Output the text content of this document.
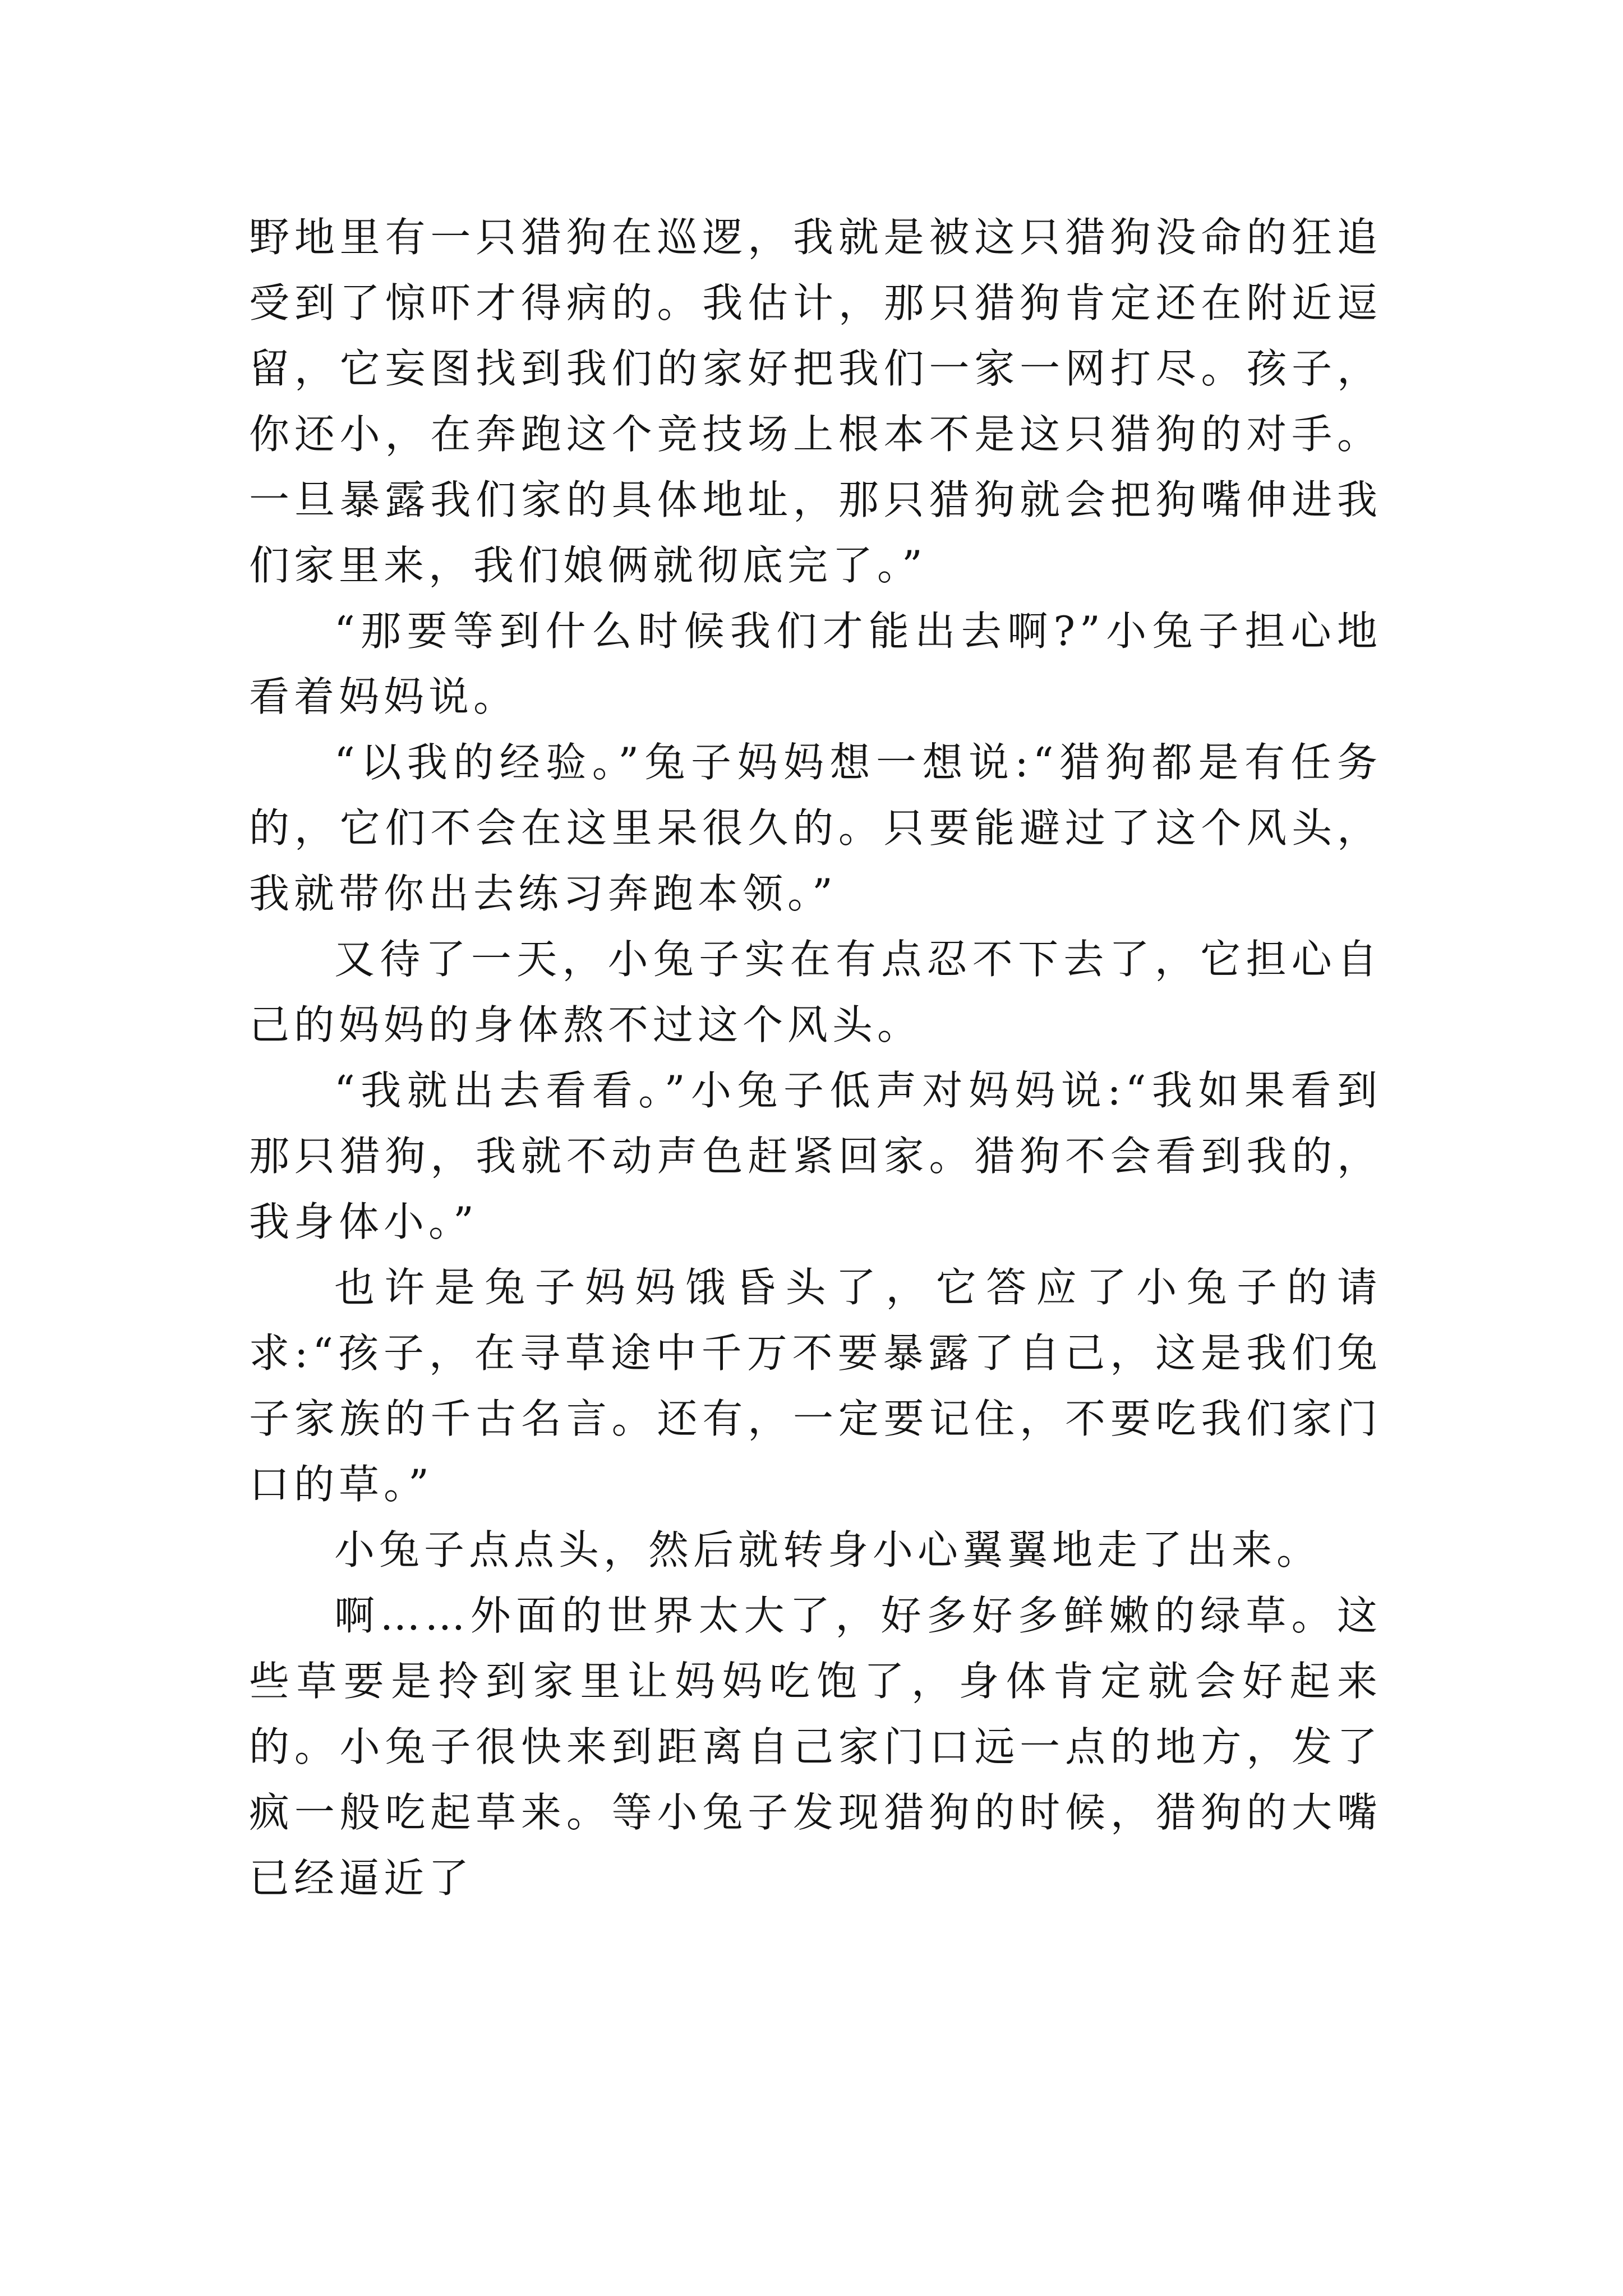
野地里有一只猎狗在巡逻，我就是被这只猎狗没命的狂追受到了惊吓才得病的。我估计，那只猎狗肯定还在附近逗留，它妄图找到我们的家好把我们一家一网打尽。孩子，你还小，在奔跑这个竞技场上根本不是这只猎狗的对手。一旦暴露我们家的具体地址，那只猎狗就会把狗嘴伸进我们家里来，我们娘俩就彻底完了。”

“那要等到什么时候我们才能出去啊?”小兔子担心地看着妈妈说。

“以我的经验。”兔子妈妈想一想说:“猎狗都是有任务的，它们不会在这里呆很久的。只要能避过了这个风头，我就带你出去练习奔跑本领。”

又待了一天，小兔子实在有点忍不下去了，它担心自己的妈妈的身体熬不过这个风头。

“我就出去看看。”小兔子低声对妈妈说:“我如果看到那只猎狗，我就不动声色赶紧回家。猎狗不会看到我的，我身体小。”

也许是兔子妈妈饿昏头了，它答应了小兔子的请求:“孩子，在寻草途中千万不要暴露了自己，这是我们兔子家族的千古名言。还有，一定要记住，不要吃我们家门口的草。”

小兔子点点头，然后就转身小心翼翼地走了出来。

啊……外面的世界太大了，好多好多鲜嫩的绿草。这些草要是拎到家里让妈妈吃饱了，身体肯定就会好起来的。小兔子很快来到距离自己家门口远一点的地方，发了疯一般吃起草来。等小兔子发现猎狗的时候，猎狗的大嘴已经逼近了
